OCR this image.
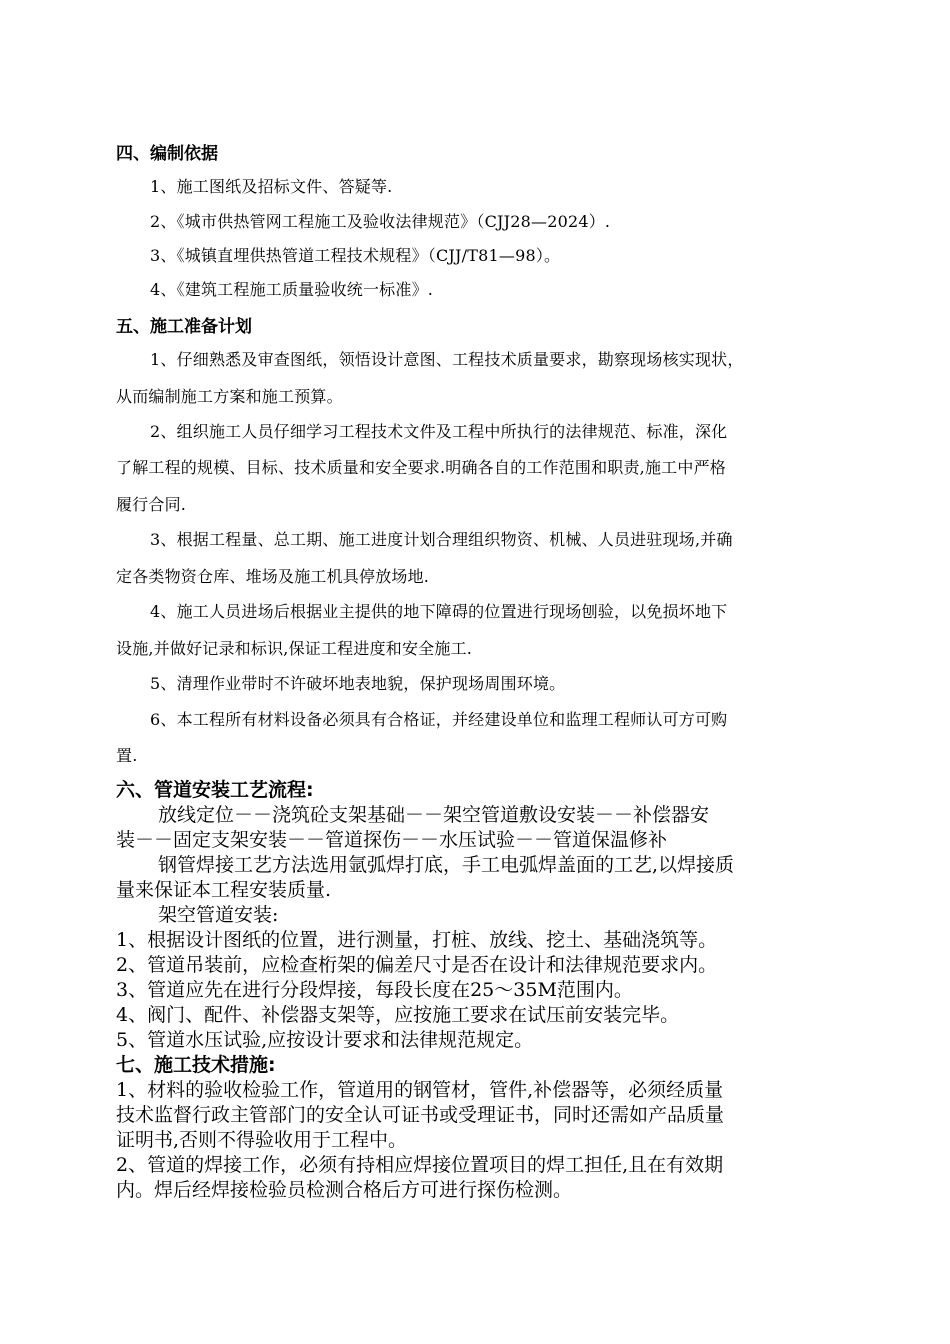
四、编制依据
1、施工图纸及招标文件、答疑等.
2、《城市供热管网工程施工及验收法律规范》（CJJ28—2024）.
3、《城镇直埋供热管道工程技术规程》（CJJ/T81—98）。
4、《建筑工程施工质量验收统一标准》.
五、施工准备计划
1、仔细熟悉及审查图纸，领悟设计意图、工程技术质量要求，勘察现场核实现状，
从而编制施工方案和施工预算。
2、组织施工人员仔细学习工程技术文件及工程中所执行的法律规范、标准，深化
了解工程的规模、目标、技术质量和安全要求.明确各自的工作范围和职责,施工中严格
履行合同.
3、根据工程量、总工期、施工进度计划合理组织物资、机械、人员进驻现场,并确
定各类物资仓库、堆场及施工机具停放场地.
4、施工人员进场后根据业主提供的地下障碍的位置进行现场刨验，以免损坏地下
设施,并做好记录和标识,保证工程进度和安全施工.
5、清理作业带时不许破坏地表地貌，保护现场周围环境。
6、本工程所有材料设备必须具有合格证，并经建设单位和监理工程师认可方可购
置.
六、管道安装工艺流程:
放线定位－－浇筑砼支架基础－－架空管道敷设安装－－补偿器安
装－－固定支架安装－－管道探伤－－水压试验－－管道保温修补
钢管焊接工艺方法选用氩弧焊打底，手工电弧焊盖面的工艺,以焊接质
量来保证本工程安装质量.
架空管道安装:
1、根据设计图纸的位置，进行测量，打桩、放线、挖土、基础浇筑等。
2、管道吊装前，应检查桁架的偏差尺寸是否在设计和法律规范要求内。
3、管道应先在进行分段焊接，每段长度在25～35M范围内。
4、阀门、配件、补偿器支架等，应按施工要求在试压前安装完毕。
5、管道水压试验,应按设计要求和法律规范规定。
七、施工技术措施:
1、材料的验收检验工作，管道用的钢管材，管件,补偿器等，必须经质量
技术监督行政主管部门的安全认可证书或受理证书，同时还需如产品质量
证明书,否则不得验收用于工程中。
2、管道的焊接工作，必须有持相应焊接位置项目的焊工担任,且在有效期
内。焊后经焊接检验员检测合格后方可进行探伤检测。
